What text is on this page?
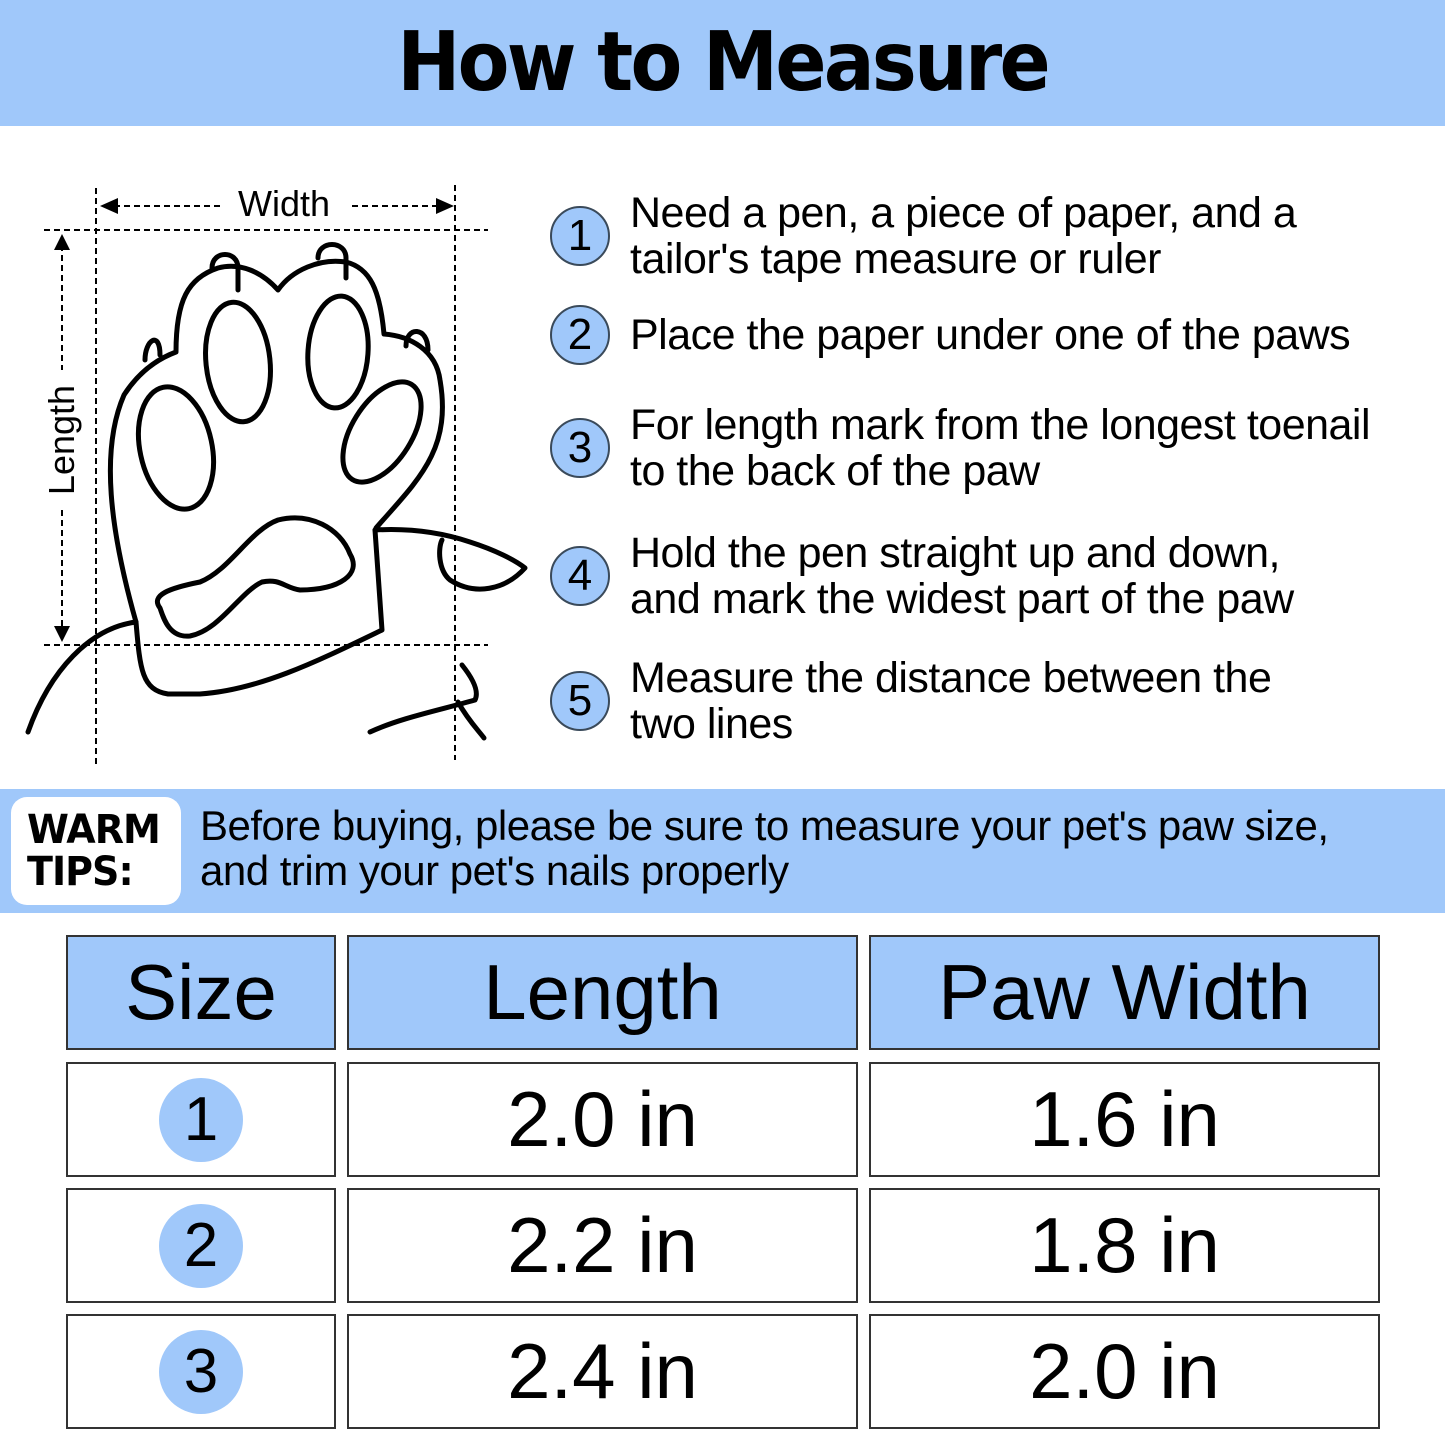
How to Measure
Width
Length
1 Need a pen, a piece of paper, and a
tailor's tape measure or ruler
2 Place the paper under one of the paws
3 For length mark from the longest toenail
to the back of the paw
4 Hold the pen straight up and down,
and mark the widest part of the paw
5 Measure the distance between the
two lines
WARM
TIPS:
Before buying, please be sure to measure your pet's paw size,
and trim your pet's nails properly
Size	Length	Paw Width
1	2.0 in	1.6 in
2	2.2 in	1.8 in
3	2.4 in	2.0 in
